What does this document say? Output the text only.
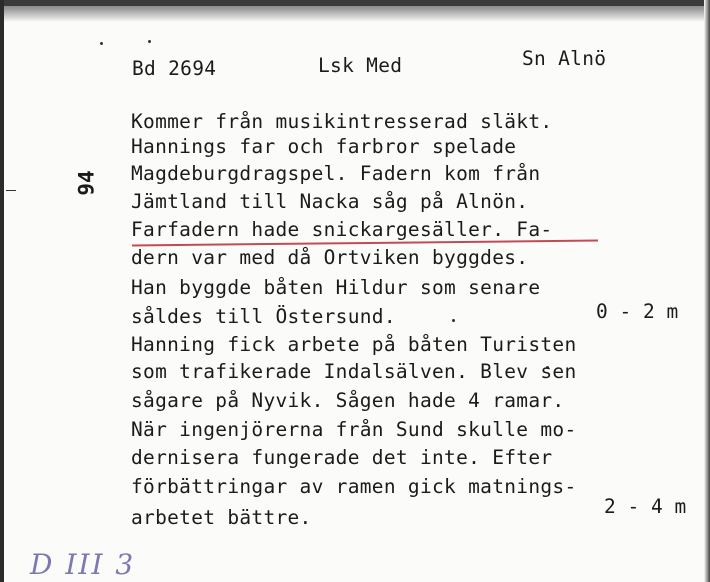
Bd 2694	Lsk Med	Sn Alnö
94
Kommer från musikintresserad släkt.
Hannings far och farbror spelade
Magdeburgdragspel. Fadern kom från
Jämtland till Nacka såg på Alnön.
Farfadern hade snickargesäller. Fa-
dern var med då Ortviken byggdes.
Han byggde båten Hildur som senare
såldes till Östersund.
Hanning fick arbete på båten Turisten
som trafikerade Indalsälven. Blev sen
sågare på Nyvik. Sågen hade 4 ramar.
När ingenjörerna från Sund skulle mo-
dernisera fungerade det inte. Efter
förbättringar av ramen gick matnings-
arbetet bättre.
0 - 2 m
2 - 4 m
D III 3
